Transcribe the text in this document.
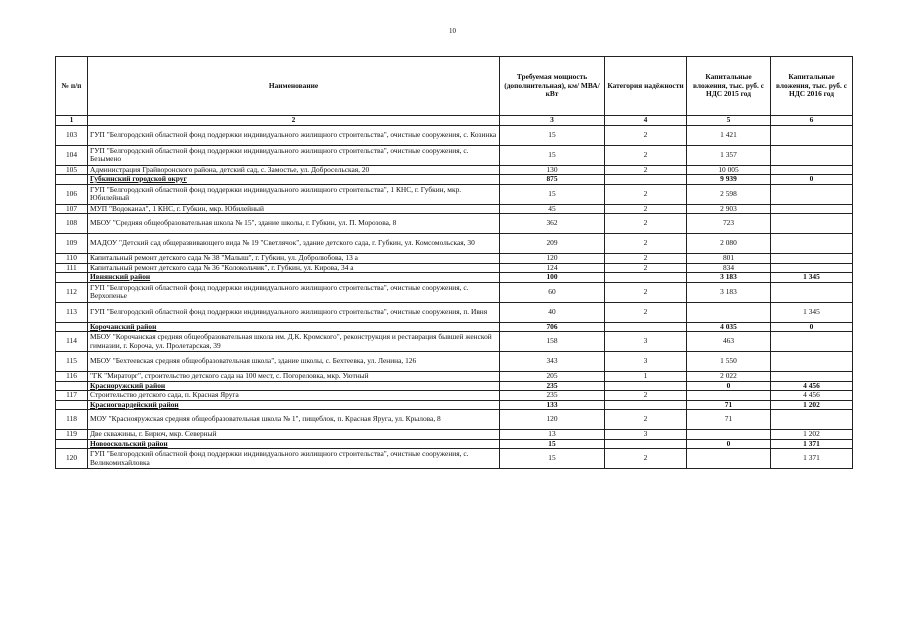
10
№ п/п	Наименование	Требуемая мощность (дополнительная), км/ МВА/ кВт	Категория надёжности	Капитальные вложения, тыс. руб. с НДС 2015 год	Капитальные вложения, тыс. руб. с НДС 2016 год
1	2	3	4	5	6
103	ГУП "Белгородский областной фонд поддержки индивидуального жилищного строительства", очистные сооружения, с. Козинка	15	2	1 421	
104	ГУП "Белгородский областной фонд поддержки индивидуального жилищного строительства", очистные сооружения, с. Безымено	15	2	1 357	
105	Администрация Грайворонского района, детский сад, с. Замостье, ул. Добросельская, 20	130	2	10 005	
	Губкинский городской округ	875		9 939	0
106	ГУП "Белгородский областной фонд поддержки индивидуального жилищного строительства", 1 КНС, г. Губкин, мкр. Юбилейный	15	2	2 598	
107	МУП "Водоканал", 1 КНС, г. Губкин, мкр. Юбилейный	45	2	2 903	
108	МБОУ "Средняя общеобразовательная школа № 15", здание школы, г. Губкин, ул. П. Морозова, 8	362	2	723	
109	МАДОУ "Детский сад общеразвивающего вида № 19 "Светлячок", здание детского сада, г. Губкин, ул. Комсомольская, 30	209	2	2 080	
110	Капитальный ремонт детского сада № 38 "Малыш", г. Губкин, ул. Добролюбова, 13 а	120	2	801	
111	Капитальный ремонт детского сада № 36 "Колокольчик", г. Губкин, ул. Кирова, 34 а	124	2	834	
	Ивнянский район	100		3 183	1 345
112	ГУП "Белгородский областной фонд поддержки индивидуального жилищного строительства", очистные сооружения, с. Верхопенье	60	2	3 183	
113	ГУП "Белгородский областной фонд поддержки индивидуального жилищного строительства", очистные сооружения, п. Ивня	40	2		1 345
	Корочанский район	706		4 035	0
114	МБОУ "Корочанская средняя общеобразовательная школа им. Д.К. Кромского", реконструкция и реставрация бывшей женской гимназии, г. Короча, ул. Пролетарская, 39	158	3	463	
115	МБОУ "Бехтеевская средняя общеобразовательная школа", здание школы, с. Бехтеевка, ул. Ленина, 126	343	3	1 550	
116	"ГК "Мираторг", строительство детского сада на 100 мест, с. Погореловка, мкр. Уютный	205	1	2 022	
	Красноружский район	235		0	4 456
117	Строительство детского сада, п. Красная Яруга	235	2		4 456
	Красногвардейский район	133		71	1 202
118	МОУ "Краснояружская средняя общеобразовательная школа № 1", пищеблок, п. Красная Яруга, ул. Крылова, 8	120	2	71	
119	Две скважины, г. Бирюч, мкр. Северный	13	3		1 202
	Новооскольский район	15		0	1 371
120	ГУП "Белгородский областной фонд поддержки индивидуального жилищного строительства", очистные сооружения, с. Великомихайловка	15	2		1 371
